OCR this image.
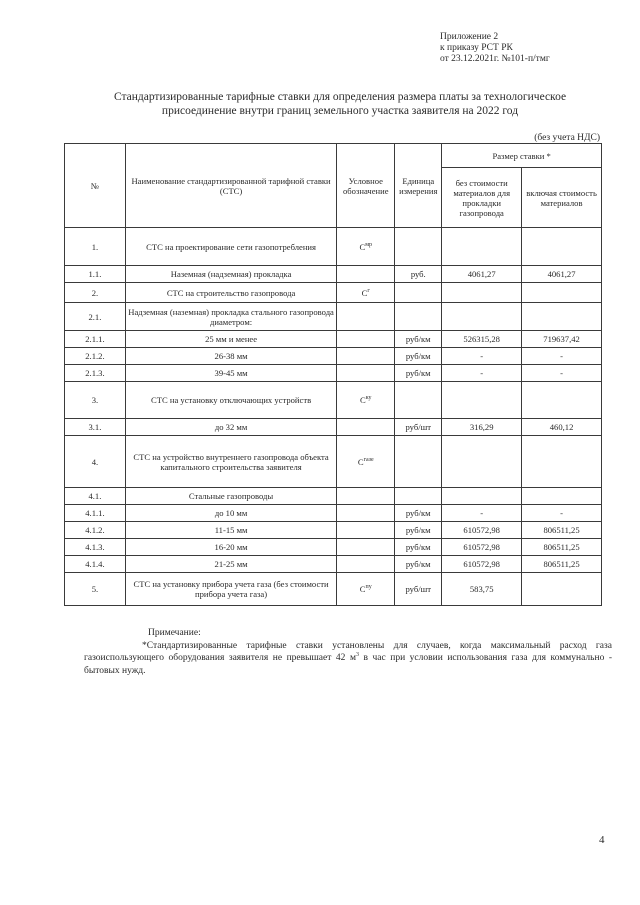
Приложение 2
к приказу РСТ РК
от 23.12.2021г. №101-п/тмг
Стандартизированные тарифные ставки для определения размера платы за технологическое
присоединение внутри границ земельного участка заявителя на 2022 год
(без учета НДС)
№	Наименование стандартизированной тарифной ставки (СТС)	Условное обозначение	Единица измерения	Размер ставки *	
				без стоимости материалов для прокладки газопровода	включая стоимость материалов
1.	СТС на проектирование сети газопотребления	$С^{мр}$			
1.1.	Наземная (надземная) прокладка		руб.	4061,27	4061,27
2.	СТС на строительство газопровода	$С^г$			
2.1.	Надземная (наземная) прокладка стального газопровода диаметром:				
2.1.1.	25 мм и менее		руб/км	526315,28	719637,42
2.1.2.	26-38 мм		руб/км	-	-
2.1.3.	39-45 мм		руб/км	-	-
3.	СТС на установку отключающих устройств	$С^{ку}$			
3.1.	до 32 мм		руб/шт	316,29	460,12
4.	СТС на устройство внутреннего газопровода объекта капитального строительства заявителя	$С^{газе}$			
4.1.	Стальные газопроводы				
4.1.1.	до 10 мм		руб/км	-	-
4.1.2.	11-15 мм		руб/км	610572,98	806511,25
4.1.3.	16-20 мм		руб/км	610572,98	806511,25
4.1.4.	21-25 мм		руб/км	610572,98	806511,25
5.	СТС на установку прибора учета газа (без стоимости прибора учета газа)	$С^{пу}$	руб/шт	583,75	
Примечание:
*Стандартизированные тарифные ставки установлены для случаев, когда максимальный расход газа газоиспользующего оборудования заявителя не превышает 42 $м^3$ в час при условии использования газа для коммунально - бытовых нужд.
4
